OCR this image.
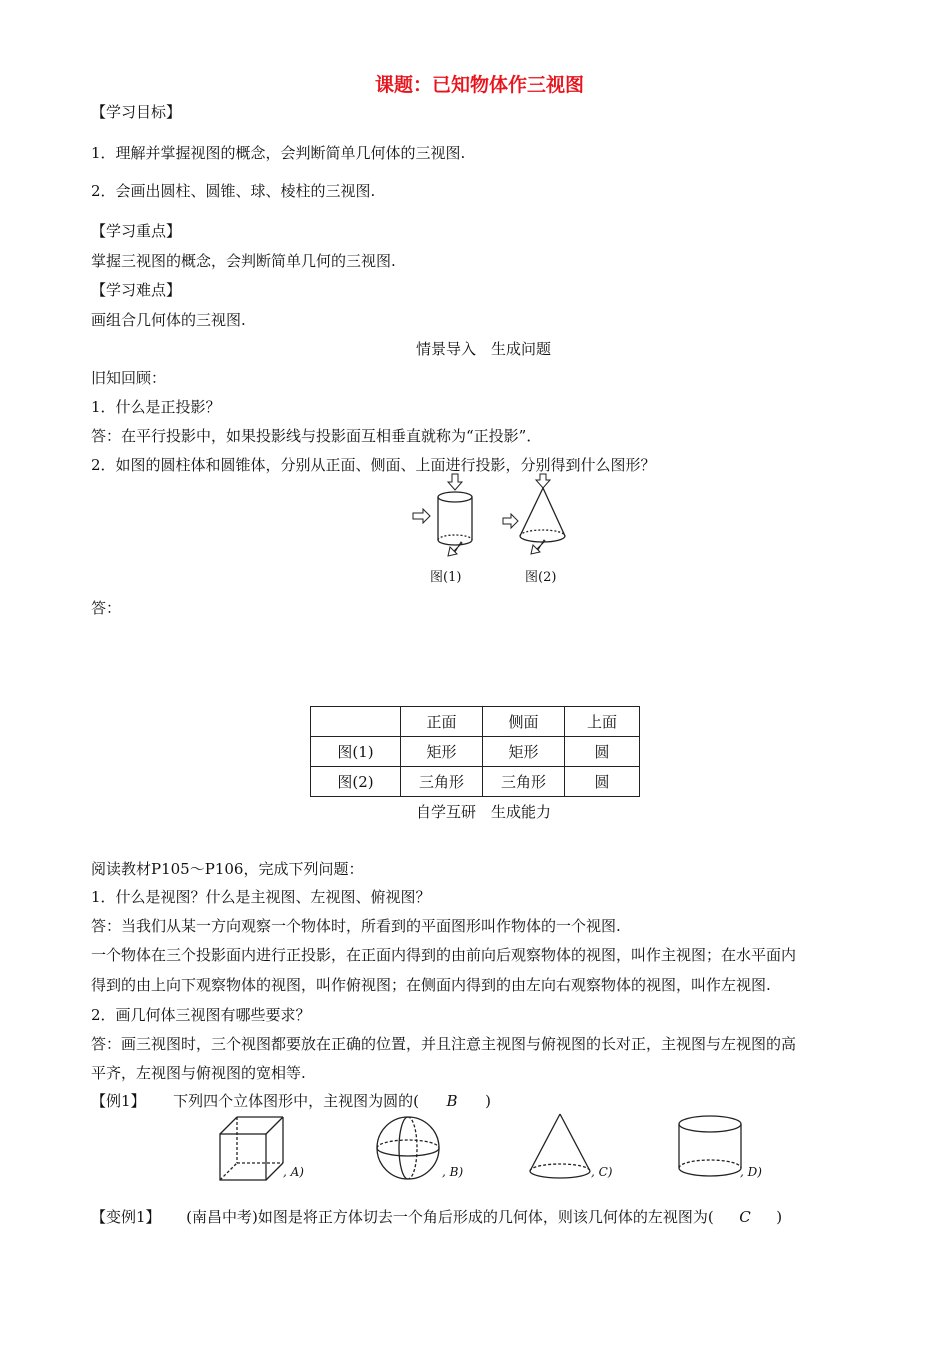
课题：已知物体作三视图
【学习目标】
1．理解并掌握视图的概念，会判断简单几何体的三视图.
2．会画出圆柱、圆锥、球、棱柱的三视图.
【学习重点】
掌握三视图的概念，会判断简单几何的三视图.
【学习难点】
画组合几何体的三视图.
情景导入　生成问题
旧知回顾：
1．什么是正投影？
答：在平行投影中，如果投影线与投影面互相垂直就称为“正投影”．
2．如图的圆柱体和圆锥体，分别从正面、侧面、上面进行投影，分别得到什么图形？
图(1)	图(2)
答：
	正面	侧面	上面
图(1)	矩形	矩形	圆
图(2)	三角形	三角形	圆
自学互研　生成能力
阅读教材P105～P106，完成下列问题：
1．什么是视图？什么是主视图、左视图、俯视图？
答：当我们从某一方向观察一个物体时，所看到的平面图形叫作物体的一个视图.
一个物体在三个投影面内进行正投影，在正面内得到的由前向后观察物体的视图，叫作主视图；在水平面内
得到的由上向下观察物体的视图，叫作俯视图；在侧面内得到的由左向右观察物体的视图，叫作左视图.
2．画几何体三视图有哪些要求？
答：画三视图时，三个视图都要放在正确的位置，并且注意主视图与俯视图的长对正，主视图与左视图的高
平齐，左视图与俯视图的宽相等.
【例1】 下列四个立体图形中，主视图为圆的( B )
, A)	, B)	, C)	, D)
【变例1】 (南昌中考)如图是将正方体切去一个角后形成的几何体，则该几何体的左视图为( C )
